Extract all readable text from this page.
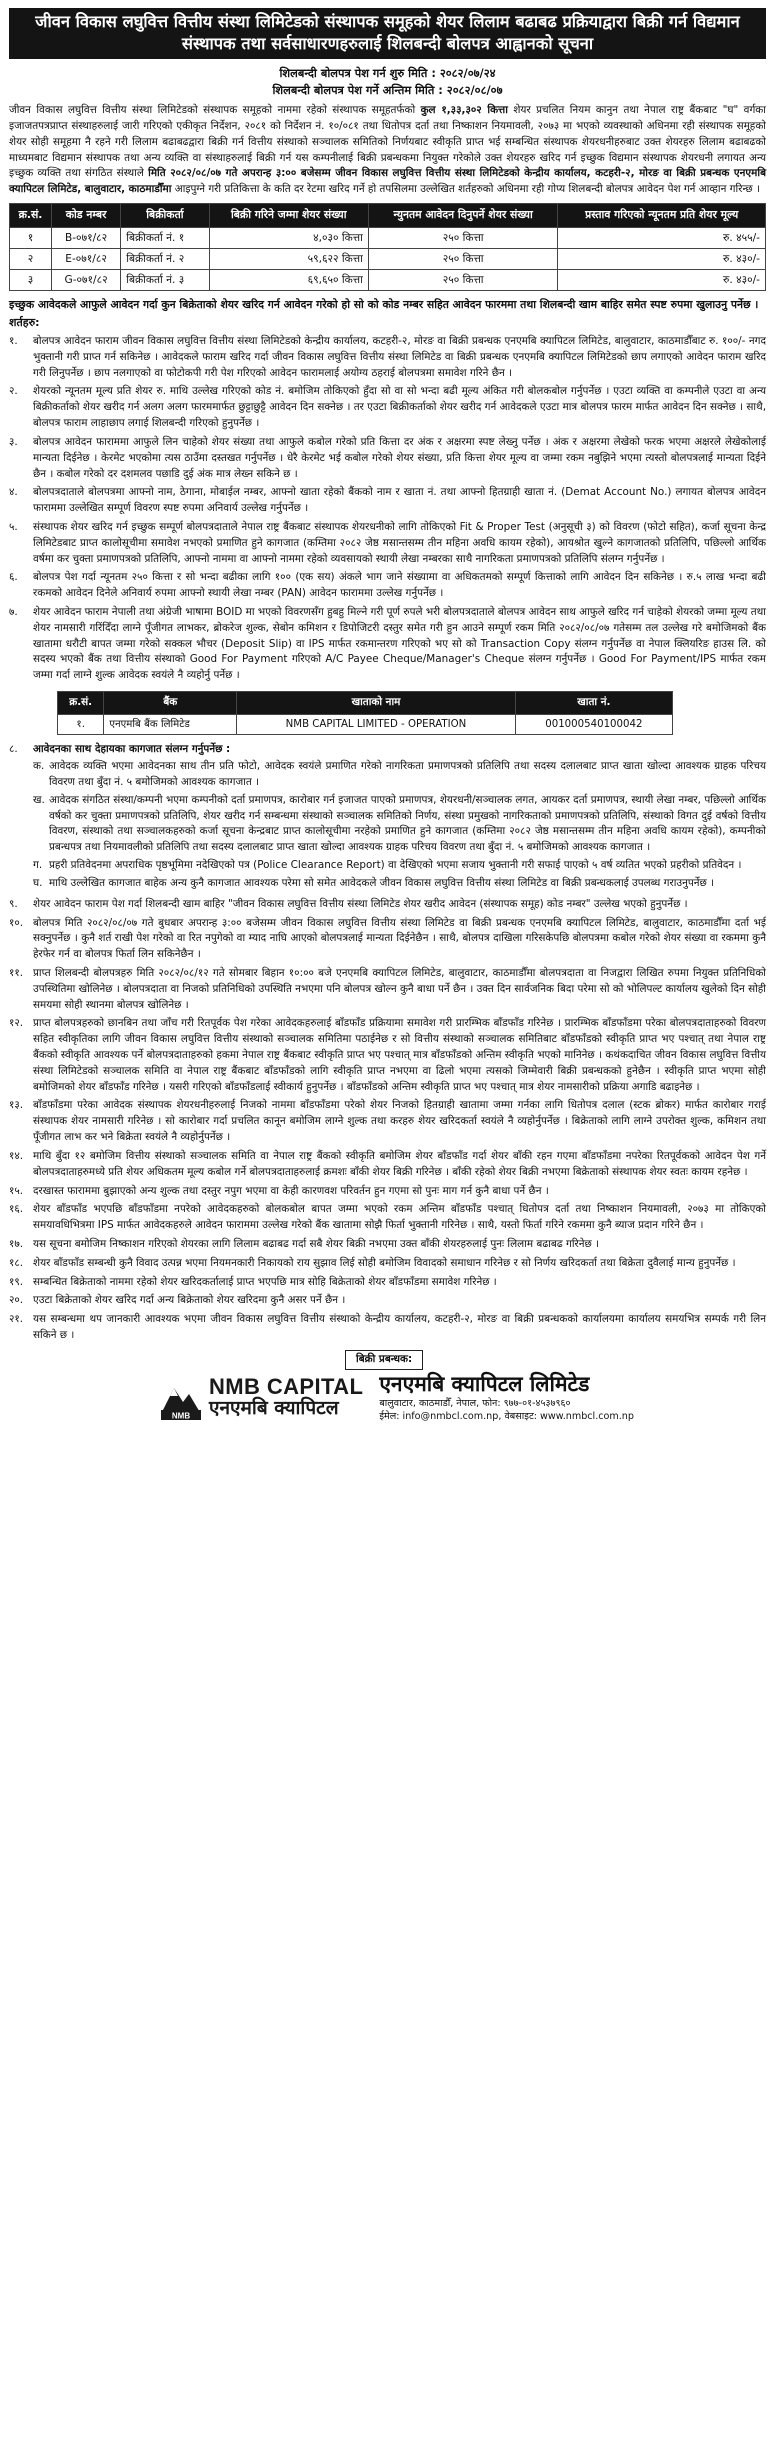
जीवन विकास लघुवित्त वित्तीय संस्था लिमिटेडको संस्थापक समूहको शेयर लिलाम बढाबढ प्रक्रियाद्वारा बिक्री गर्न विद्यमान संस्थापक तथा सर्वसाधारणहरुलाई शिलबन्दी बोलपत्र आह्वानको सूचना
शिलबन्दी बोलपत्र पेश गर्न शुरु मिति : २०८२/०७/२४
शिलबन्दी बोलपत्र पेश गर्ने अन्तिम मिति : २०८२/०८/०७
जीवन विकास लघुवित्त वित्तीय संस्था लिमिटेडको संस्थापक समूहको नाममा रहेको संस्थापक समूहतर्फको कुल १,३३,३०२ कित्ता शेयर प्रचलित नियम कानुन तथा नेपाल राष्ट्र बैंकबाट "घ" वर्गका इजाजतपत्रप्राप्त संस्थाहरुलाई जारी गरिएको एकीकृत निर्देशन, २०८१ को निर्देशन नं. १०/०८१ तथा धितोपत्र दर्ता तथा निष्काशन नियमावली, २०७३ मा भएको व्यवस्थाको अधिनमा रही संस्थापक समूहको शेयर सोही समूहमा नै रहने गरी लिलाम बढाबढद्वारा बिक्री गर्न वित्तीय संस्थाको सञ्चालक समितिको निर्णयबाट स्वीकृति प्राप्त भई सम्बन्धित संस्थापक शेयरधनीहरुबाट उक्त शेयरहरु लिलाम बढाबढको माध्यमबाट विद्यमान संस्थापक तथा अन्य व्यक्ति वा संस्थाहरुलाई बिक्री गर्न यस कम्पनीलाई बिक्री प्रबन्धकमा नियुक्त गरेकोले उक्त शेयरहरु खरिद गर्न इच्छुक विद्यमान संस्थापक शेयरधनी लगायत अन्य इच्छुक व्यक्ति तथा संगठित संस्थाले मिति २०८२/०८/०७ गते अपरान्ह ३:०० बजेसम्म जीवन विकास लघुवित्त वित्तीय संस्था लिमिटेडको केन्द्रीय कार्यालय, कटहरी-२, मोरङ वा बिक्री प्रबन्धक एनएमबि क्यापिटल लिमिटेड, बालुवाटार, काठमाडौँमा आइपुग्ने गरी प्रतिकित्ता के कति दर रेटमा खरिद गर्ने हो तपसिलमा उल्लेखित शर्तहरुको अधिनमा रही गोप्य शिलबन्दी बोलपत्र आवेदन पेश गर्न आव्हान गरिन्छ ।
क्र.सं.	कोड नम्बर	बिक्रीकर्ता	बिक्री गरिने जम्मा शेयर संख्या	न्युनतम आवेदन दिनुपर्ने शेयर संख्या	प्रस्ताव गरिएको न्यूनतम प्रति शेयर मूल्य
१	B-०७१/८२	बिक्रीकर्ता नं. १	४,०३० कित्ता	२५० कित्ता	रु. ४५५/-
२	E-०७१/८२	बिक्रीकर्ता नं. २	५९,६२२ कित्ता	२५० कित्ता	रु. ४३०/-
३	G-०७१/८२	बिक्रीकर्ता नं. ३	६९,६५० कित्ता	२५० कित्ता	रु. ४३०/-
इच्छुक आवेदकले आफुले आवेदन गर्दा कुन बिक्रेताको शेयर खरिद गर्न आवेदन गरेको हो सो को कोड नम्बर सहित आवेदन फारममा तथा शिलबन्दी खाम बाहिर समेत स्पष्ट रुपमा खुलाउनु पर्नेछ ।
शर्तहरु:
१.	बोलपत्र आवेदन फाराम जीवन विकास लघुवित्त वित्तीय संस्था लिमिटेडको केन्द्रीय कार्यालय, कटहरी-२, मोरङ वा बिक्री प्रबन्धक एनएमबि क्यापिटल लिमिटेड, बालुवाटार, काठमाडौँबाट रु. १००/- नगद भुक्तानी गरी प्राप्त गर्न सकिनेछ । आवेदकले फाराम खरिद गर्दा जीवन विकास लघुवित्त वित्तीय संस्था लिमिटेड वा बिक्री प्रबन्धक एनएमबि क्यापिटल लिमिटेडको छाप लगाएको आवेदन फाराम खरिद गरी लिनुपर्नेछ । छाप नलगाएको वा फोटोकपी गरी पेश गरिएको आवेदन फारामलाई अयोग्य ठहराई बोलपत्रमा समावेश गरिने छैन ।
२.	शेयरको न्यूनतम मूल्य प्रति शेयर रु. माथि उल्लेख गरिएको कोड नं. बमोजिम तोकिएको हुँदा सो वा सो भन्दा बढी मूल्य अंकित गरी बोलकबोल गर्नुपर्नेछ । एउटा व्यक्ति वा कम्पनीले एउटा वा अन्य बिक्रीकर्ताको शेयर खरीद गर्न अलग अलग फारममार्फत छुट्टाछुट्टै आवेदन दिन सक्नेछ । तर एउटा बिक्रीकर्ताको शेयर खरीद गर्न आवेदकले एउटा मात्र बोलपत्र फारम मार्फत आवेदन दिन सक्नेछ । साथै, बोलपत्र फाराम लाहाछाप लगाई शिलबन्दी गरिएको हुनुपर्नेछ ।
३.	बोलपत्र आवेदन फाराममा आफुले लिन चाहेको शेयर संख्या तथा आफुले कबोल गरेको प्रति कित्ता दर अंक र अक्षरमा स्पष्ट लेख्नु पर्नेछ । अंक र अक्षरमा लेखेको फरक भएमा अक्षरले लेखेकोलाई मान्यता दिईनेछ । केरमेट भएकोमा त्यस ठाउँमा दस्तखत गर्नुपर्नेछ । धेरै केरमेट भई कबोल गरेको शेयर संख्या, प्रति कित्ता शेयर मूल्य वा जम्मा रकम नबुझिने भएमा त्यस्तो बोलपत्रलाई मान्यता दिईने छैन । कबोल गरेको दर दशमलव पछाडि दुई अंक मात्र लेख्न सकिने छ ।
४.	बोलपत्रदाताले बोलपत्रमा आफ्नो नाम, ठेगाना, मोबाईल नम्बर, आफ्नो खाता रहेको बैंकको नाम र खाता नं. तथा आफ्नो हितग्राही खाता नं. (Demat Account No.) लगायत बोलपत्र आवेदन फाराममा उल्लेखित सम्पूर्ण विवरण स्पष्ट रुपमा अनिवार्य उल्लेख गर्नुपर्नेछ ।
५.	संस्थापक शेयर खरिद गर्न इच्छुक सम्पूर्ण बोलपत्रदाताले नेपाल राष्ट्र बैंकबाट संस्थापक शेयरधनीको लागि तोकिएको Fit & Proper Test (अनुसूची ३) को विवरण (फोटो सहित), कर्जा सूचना केन्द्र लिमिटेडबाट प्राप्त कालोसूचीमा समावेश नभएको प्रमाणित हुने कागजात (कम्तिमा २०८२ जेष्ठ मसान्तसम्म तीन महिना अवधि कायम रहेको), आयश्रोत खुल्ने कागजातको प्रतिलिपि, पछिल्लो आर्थिक वर्षमा कर चुक्ता प्रमाणपत्रको प्रतिलिपि, आफ्नो नाममा वा आफ्नो नाममा रहेको व्यवसायको स्थायी लेखा नम्बरका साथै नागरिकता प्रमाणपत्रको प्रतिलिपि संलग्न गर्नुपर्नेछ ।
६.	बोलपत्र पेश गर्दा न्यूनतम २५० कित्ता र सो भन्दा बढीका लागि १०० (एक सय) अंकले भाग जाने संख्यामा वा अधिकतमको सम्पूर्ण कित्ताको लागि आवेदन दिन सकिनेछ । रु.५ लाख भन्दा बढी रकमको आवेदन दिनेले अनिवार्य रुपमा आफ्नो स्थायी लेखा नम्बर (PAN) आवेदन फाराममा उल्लेख गर्नुपर्नेछ ।
७.	शेयर आवेदन फाराम नेपाली तथा अंग्रेजी भाषामा BOID मा भएको विवरणसँग हुबहु मिल्ने गरी पूर्ण रुपले भरी बोलपत्रदाताले बोलपत्र आवेदन साथ आफुले खरिद गर्न चाहेको शेयरको जम्मा मूल्य तथा शेयर नामसारी गरिंदिँदा लाग्ने पूँजीगत लाभकर, ब्रोकरेज शुल्क, सेबोन कमिशन र डिपोजिटरी दस्तुर समेत गरी हुन आउने सम्पूर्ण रकम मिति २०८२/०८/०७ गतेसम्म तल उल्लेख गरे बमोजिमको बैंक खातामा धरौटी बापत जम्मा गरेको सक्कल भौचर (Deposit Slip) वा IPS मार्फत रकमान्तरण गरिएको भए सो को Transaction Copy संलग्न गर्नुपर्नेछ वा नेपाल क्लियरिङ हाउस लि. को सदस्य भएको बैंक तथा वित्तीय संस्थाको Good For Payment गरिएको A/C Payee Cheque/Manager's Cheque संलग्न गर्नुपर्नेछ । Good For Payment/IPS मार्फत रकम जम्मा गर्दा लाग्ने शुल्क आवेदक स्वयंले नै व्यहोर्नु पर्नेछ ।
क्र.सं.	बैंक	खाताको नाम	खाता नं.
१.	एनएमबि बैंक लिमिटेड	NMB CAPITAL LIMITED - OPERATION	001000540100042
८.	आवेदनका साथ देहायका कागजात संलग्न गर्नुपर्नेछ :
क. आवेदक व्यक्ति भएमा आवेदनका साथ तीन प्रति फोटो, आवेदक स्वयंले प्रमाणित गरेको नागरिकता प्रमाणपत्रको प्रतिलिपि तथा सदस्य दलालबाट प्राप्त खाता खोल्दा आवश्यक ग्राहक परिचय विवरण तथा बुँदा नं. ५ बमोजिमको आवश्यक कागजात ।
ख. आवेदक संगठित संस्था/कम्पनी भएमा कम्पनीको दर्ता प्रमाणपत्र, कारोबार गर्न इजाजत पाएको प्रमाणपत्र, शेयरधनी/सञ्चालक लगत, आयकर दर्ता प्रमाणपत्र, स्थायी लेखा नम्बर, पछिल्लो आर्थिक वर्षको कर चुक्ता प्रमाणपत्रको प्रतिलिपि, शेयर खरीद गर्न सम्बन्धमा संस्थाको सञ्चालक समितिको निर्णय, संस्था प्रमुखको नागरिकताको प्रमाणपत्रको प्रतिलिपि, संस्थाको विगत दुई वर्षको वित्तीय विवरण, संस्थाको तथा सञ्चालकहरुको कर्जा सूचना केन्द्रबाट प्राप्त कालोसूचीमा नरहेको प्रमाणित हुने कागजात (कम्तिमा २०८२ जेष्ठ मसान्तसम्म तीन महिना अवधि कायम रहेको), कम्पनीको प्रबन्धपत्र तथा नियमावलीको प्रतिलिपि तथा सदस्य दलालबाट प्राप्त खाता खोल्दा आवश्यक ग्राहक परिचय विवरण तथा बुँदा नं. ५ बमोजिमको आवश्यक कागजात ।
ग. प्रहरी प्रतिवेदनमा अपराधिक पृष्ठभूमिमा नदेखिएको पत्र (Police Clearance Report) वा देखिएको भएमा सजाय भुक्तानी गरी सफाई पाएको ५ वर्ष व्यतित भएको प्रहरीको प्रतिवेदन ।
घ. माथि उल्लेखित कागजात बाहेक अन्य कुनै कागजात आवश्यक परेमा सो समेत आवेदकले जीवन विकास लघुवित्त वित्तीय संस्था लिमिटेड वा बिक्री प्रबन्धकलाई उपलब्ध गराउनुपर्नेछ ।
९.	शेयर आवेदन फाराम पेश गर्दा शिलबन्दी खाम बाहिर "जीवन विकास लघुवित्त वित्तीय संस्था लिमिटेड शेयर खरीद आवेदन (संस्थापक समूह) कोड नम्बर" उल्लेख भएको हुनुपर्नेछ ।
१०. बोलपत्र मिति २०८२/०८/०७ गते बुधबार अपरान्ह ३:०० बजेसम्म जीवन विकास लघुवित्त वित्तीय संस्था लिमिटेड वा बिक्री प्रबन्धक एनएमबि क्यापिटल लिमिटेड, बालुवाटार, काठमाडौँमा दर्ता भई सक्नुपर्नेछ । कुनै शर्त राखी पेश गरेको वा रित नपुगेको वा म्याद नाघि आएको बोलपत्रलाई मान्यता दिईनेछैन । साथै, बोलपत्र दाखिला गरिसकेपछि बोलपत्रमा कबोल गरेको शेयर संख्या वा रकममा कुनै हेरफेर गर्न वा बोलपत्र फिर्ता लिन सकिनेछैन ।
११. प्राप्त शिलबन्दी बोलपत्रहरु मिति २०८२/०८/१२ गते सोमबार बिहान १०:०० बजे एनएमबि क्यापिटल लिमिटेड, बालुवाटार, काठमाडौँमा बोलपत्रदाता वा निजद्वारा लिखित रुपमा नियुक्त प्रतिनिधिको उपस्थितिमा खोलिनेछ । बोलपत्रदाता वा निजको प्रतिनिधिको उपस्थिति नभएमा पनि बोलपत्र खोल्न कुनै बाधा पर्ने छैन । उक्त दिन सार्वजनिक बिदा परेमा सो को भोलिपल्ट कार्यालय खुलेको दिन सोही समयमा सोही स्थानमा बोलपत्र खोलिनेछ ।
१२. प्राप्त बोलपत्रहरुको छानबिन तथा जाँच गरी रितपूर्वक पेश गरेका आवेदकहरुलाई बाँडफाँड प्रक्रियामा समावेश गरी प्रारम्भिक बाँडफाँड गरिनेछ । प्रारम्भिक बाँडफाँडमा परेका बोलपत्रदाताहरुको विवरण सहित स्वीकृतिका लागि जीवन विकास लघुवित्त वित्तीय संस्थाको सञ्चालक समितिमा पठाईनेछ र सो वित्तीय संस्थाको सञ्चालक समितिबाट बाँडफाँडको स्वीकृति प्राप्त भए पश्चात् तथा नेपाल राष्ट्र बैंकको स्वीकृति आवश्यक पर्ने बोलपत्रदाताहरुको हकमा नेपाल राष्ट्र बैंकबाट स्वीकृति प्राप्त भए पश्चात् मात्र बाँडफाँडको अन्तिम स्वीकृति भएको मानिनेछ । कथंकदाचित जीवन विकास लघुवित्त वित्तीय संस्था लिमिटेडको सञ्चालक समिति वा नेपाल राष्ट्र बैंकबाट बाँडफाँडको लागि स्वीकृति प्राप्त नभएमा वा ढिलो भएमा त्यसको जिम्मेवारी बिक्री प्रबन्धकको हुनेछैन । स्वीकृति प्राप्त भएमा सोही बमोजिमको शेयर बाँडफाँड गरिनेछ । यसरी गरिएको बाँडफाँडलाई स्वीकार्य हुनुपर्नेछ । बाँडफाँडको अन्तिम स्वीकृति प्राप्त भए पश्चात् मात्र शेयर नामसारीको प्रक्रिया अगाडि बढाइनेछ ।
१३. बाँडफाँडमा परेका आवेदक संस्थापक शेयरधनीहरुलाई निजको नाममा बाँडफाँडमा परेको शेयर निजको हितग्राही खातामा जम्मा गर्नका लागि धितोपत्र दलाल (स्टक ब्रोकर) मार्फत कारोबार गराई संस्थापक शेयर नामसारी गरिनेछ । सो कारोबार गर्दा प्रचलित कानून बमोजिम लाग्ने शुल्क तथा करहरु शेयर खरिदकर्ता स्वयंले नै व्यहोर्नुपर्नेछ । बिक्रेताको लागि लाग्ने उपरोक्त शुल्क, कमिशन तथा पूँजीगत लाभ कर भने बिक्रेता स्वयंले नै व्यहोर्नुपर्नेछ ।
१४. माथि बुँदा १२ बमोजिम वित्तीय संस्थाको सञ्चालक समिति वा नेपाल राष्ट्र बैंकको स्वीकृति बमोजिम शेयर बाँडफाँड गर्दा शेयर बाँकी रहन गएमा बाँडफाँडमा नपरेका रितपूर्वकको आवेदन पेश गर्ने बोलपत्रदाताहरुमध्ये प्रति शेयर अधिकतम मूल्य कबोल गर्ने बोलपत्रदाताहरुलाई क्रमशः बाँकी शेयर बिक्री गरिनेछ । बाँकी रहेको शेयर बिक्री नभएमा बिक्रेताको संस्थापक शेयर स्वतः कायम रहनेछ ।
१५. दरखास्त फाराममा बुझाएको अन्य शुल्क तथा दस्तुर नपुग भएमा वा केही कारणवश परिवर्तन हुन गएमा सो पुनः माग गर्न कुनै बाधा पर्ने छैन ।
१६. शेयर बाँडफाँड भएपछि बाँडफाँडमा नपरेको आवेदकहरुको बोलकबोल बापत जम्मा भएको रकम अन्तिम बाँडफाँड पश्चात् धितोपत्र दर्ता तथा निष्काशन नियमावली, २०७३ मा तोकिएको समयावधिभित्रमा IPS मार्फत आवेदकहरुले आवेदन फाराममा उल्लेख गरेको बैंक खातामा सोझै फिर्ता भुक्तानी गरिनेछ । साथै, यस्तो फिर्ता गरिने रकममा कुनै ब्याज प्रदान गरिने छैन ।
१७. यस सूचना बमोजिम निष्काशन गरिएको शेयरका लागि लिलाम बढाबढ गर्दा सबै शेयर बिक्री नभएमा उक्त बाँकी शेयरहरुलाई पुनः लिलाम बढाबढ गरिनेछ ।
१८. शेयर बाँडफाँड सम्बन्धी कुनै विवाद उत्पन्न भएमा नियमनकारी निकायको राय सुझाव लिई सोही बमोजिम विवादको समाधान गरिनेछ र सो निर्णय खरिदकर्ता तथा बिक्रेता दुवैलाई मान्य हुनुपर्नेछ ।
१९. सम्बन्धित बिक्रेताको नाममा रहेको शेयर खरिदकर्तालाई प्राप्त भएपछि मात्र सोहि बिक्रेताको शेयर बाँडफाँडमा समावेश गरिनेछ ।
२०. एउटा बिक्रेताको शेयर खरिद गर्दा अन्य बिक्रेताको शेयर खरिदमा कुनै असर पर्ने छैन ।
२१. यस सम्बन्धमा थप जानकारी आवश्यक भएमा जीवन विकास लघुवित्त वित्तीय संस्थाको केन्द्रीय कार्यालय, कटहरी-२, मोरङ वा बिक्री प्रबन्धकको कार्यालयमा कार्यालय समयभित्र सम्पर्क गरी लिन सकिने छ ।
बिक्री प्रबन्धक:
NMB
NMB CAPITAL
एनएमबि क्यापिटल
एनएमबि क्यापिटल लिमिटेड
बालुवाटार, काठमाडौँ, नेपाल, फोन: ९७७-०१-४५३७९६०
ईमेल: info@nmbcl.com.np, वेबसाइट: www.nmbcl.com.np
